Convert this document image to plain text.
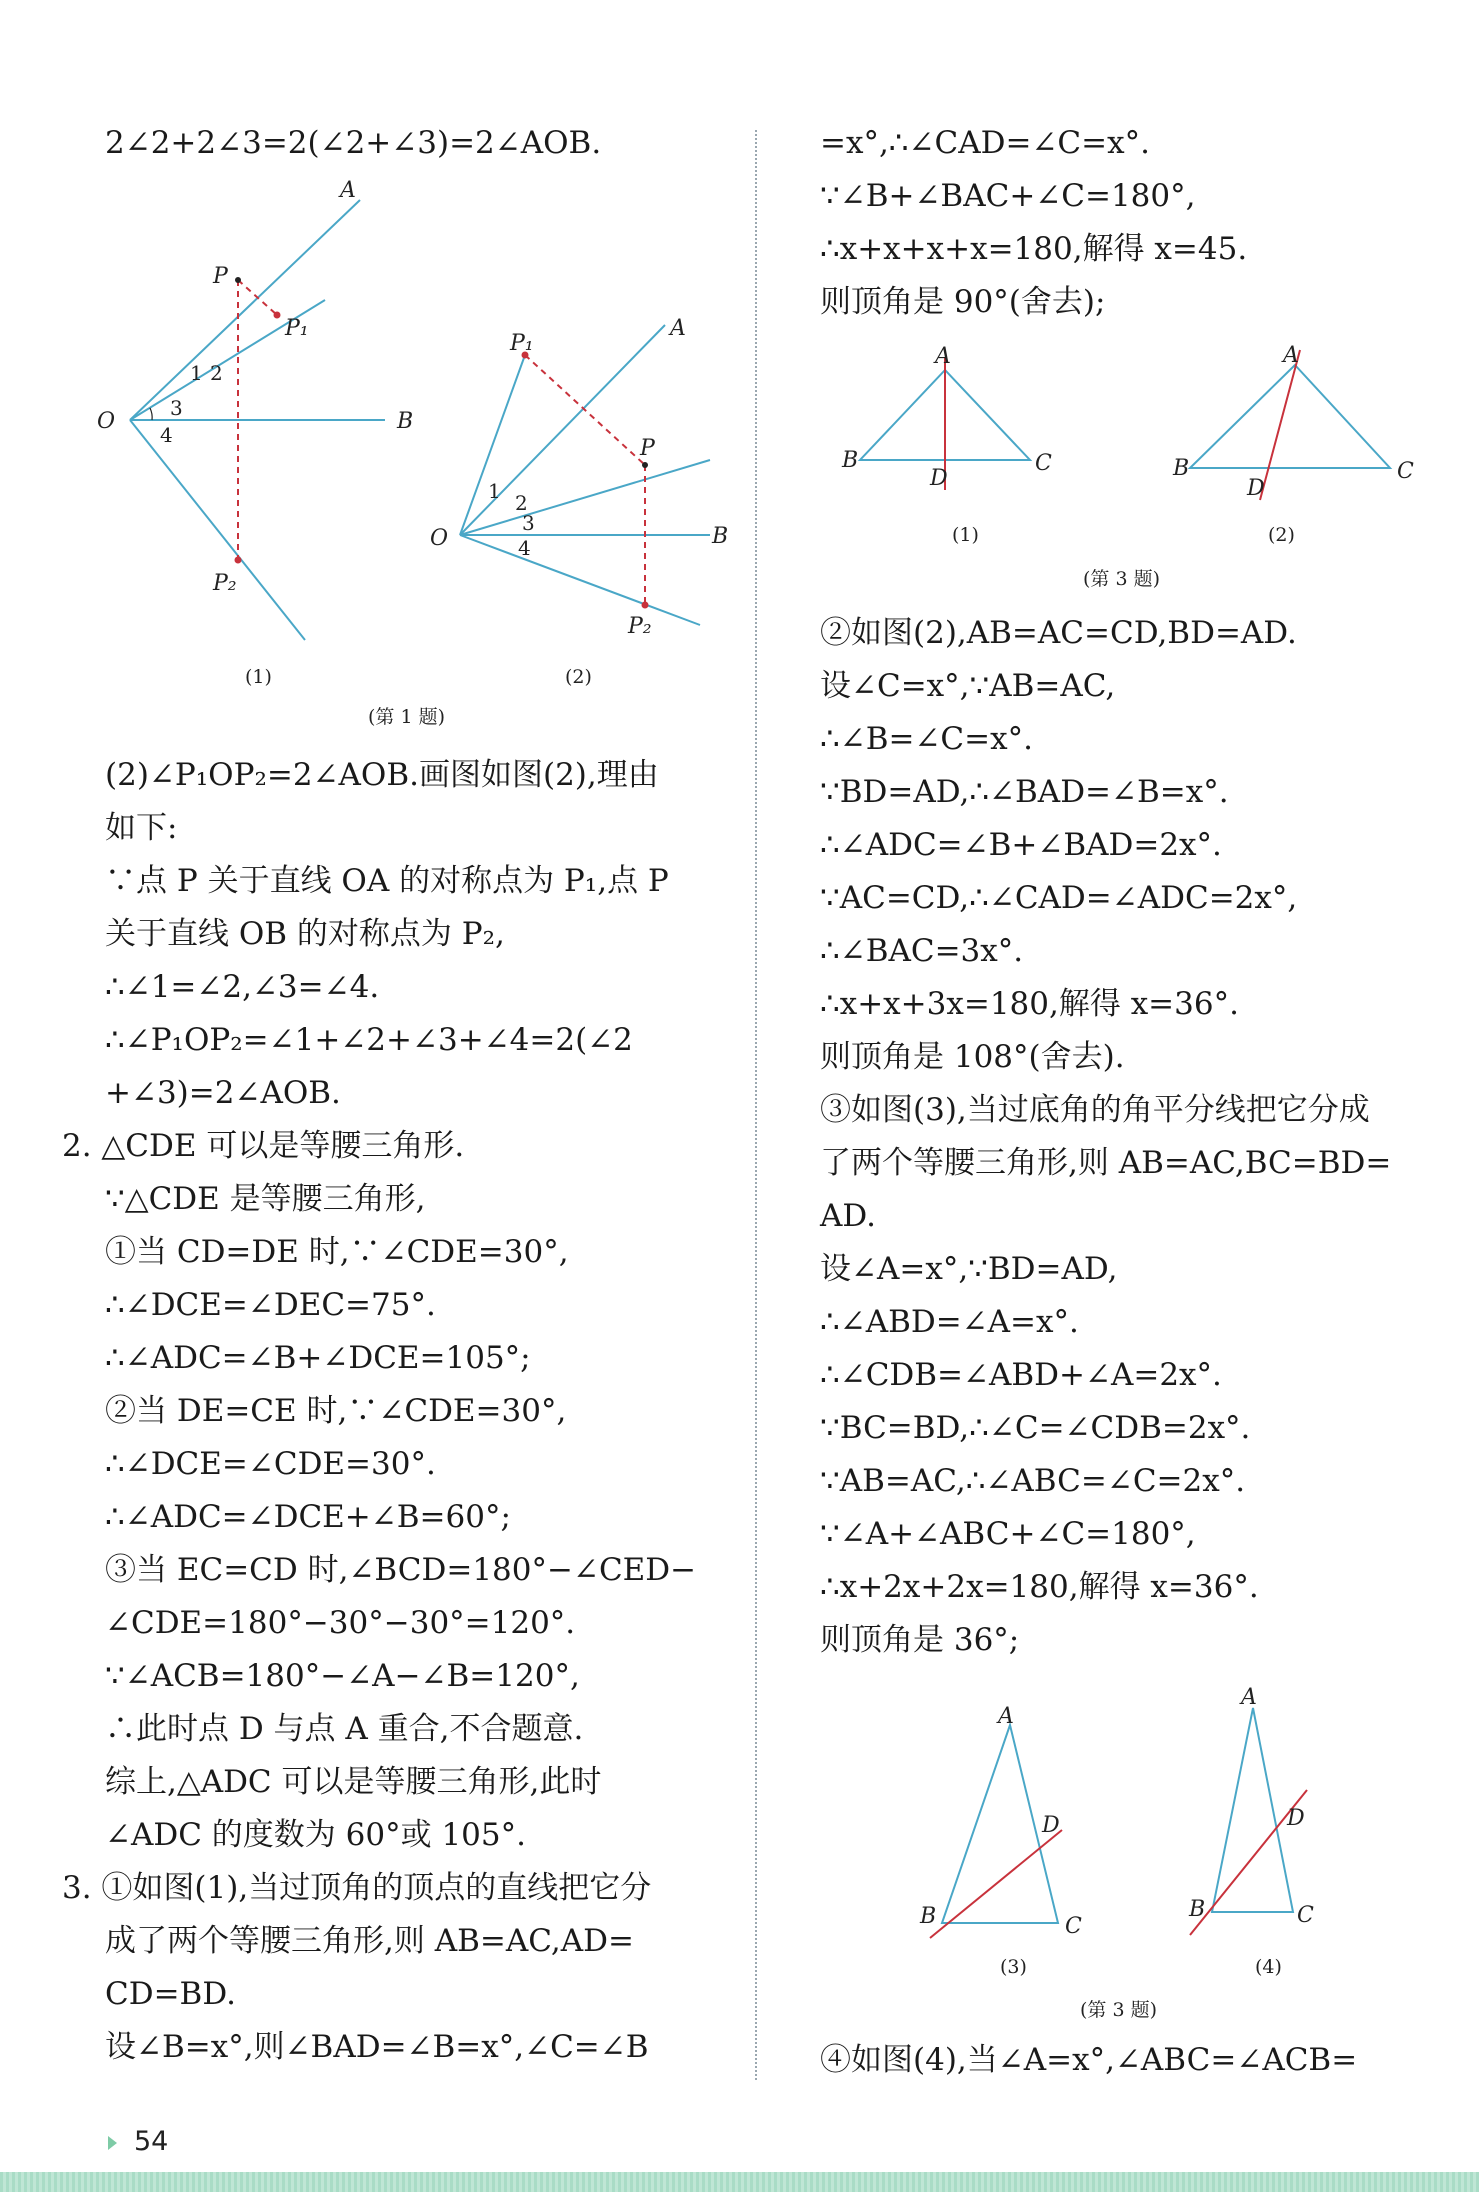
2∠2+2∠3=2(∠2+∠3)=2∠AOB.
A
P
P₁
O	B
P₂
1 2
3
4
P₁
A
P
O	B
P₂
1 2
3
4
(1)	(2)
(第 1 题)
(2)∠P₁OP₂=2∠AOB.画图如图(2),理由
如下:
∵点 P 关于直线 OA 的对称点为 P₁,点 P
关于直线 OB 的对称点为 P₂,
∴∠1=∠2,∠3=∠4.
∴∠P₁OP₂=∠1+∠2+∠3+∠4=2(∠2
+∠3)=2∠AOB.
2. △CDE 可以是等腰三角形.
∵△CDE 是等腰三角形,
①当 CD=DE 时,∵∠CDE=30°,
∴∠DCE=∠DEC=75°.
∴∠ADC=∠B+∠DCE=105°;
②当 DE=CE 时,∵∠CDE=30°,
∴∠DCE=∠CDE=30°.
∴∠ADC=∠DCE+∠B=60°;
③当 EC=CD 时,∠BCD=180°−∠CED−
∠CDE=180°−30°−30°=120°.
∵∠ACB=180°−∠A−∠B=120°,
∴此时点 D 与点 A 重合,不合题意.
综上,△ADC 可以是等腰三角形,此时
∠ADC 的度数为 60°或 105°.
3. ①如图(1),当过顶角的顶点的直线把它分
成了两个等腰三角形,则 AB=AC,AD=
CD=BD.
设∠B=x°,则∠BAD=∠B=x°,∠C=∠B
=x°,∴∠CAD=∠C=x°.
∵∠B+∠BAC+∠C=180°,
∴x+x+x+x=180,解得 x=45.
则顶角是 90°(舍去);
A
B
D
C
A
B
D
C
(1)	(2)
(第 3 题)
②如图(2),AB=AC=CD,BD=AD.
设∠C=x°,∵AB=AC,
∴∠B=∠C=x°.
∵BD=AD,∴∠BAD=∠B=x°.
∴∠ADC=∠B+∠BAD=2x°.
∵AC=CD,∴∠CAD=∠ADC=2x°,
∴∠BAC=3x°.
∴x+x+3x=180,解得 x=36°.
则顶角是 108°(舍去).
③如图(3),当过底角的角平分线把它分成
了两个等腰三角形,则 AB=AC,BC=BD=
AD.
设∠A=x°,∵BD=AD,
∴∠ABD=∠A=x°.
∴∠CDB=∠ABD+∠A=2x°.
∵BC=BD,∴∠C=∠CDB=2x°.
∵AB=AC,∴∠ABC=∠C=2x°.
∵∠A+∠ABC+∠C=180°,
∴x+2x+2x=180,解得 x=36°.
则顶角是 36°;
A
D
B	C
A
D
B	C
(3)	(4)
(第 3 题)
④如图(4),当∠A=x°,∠ABC=∠ACB=
54
